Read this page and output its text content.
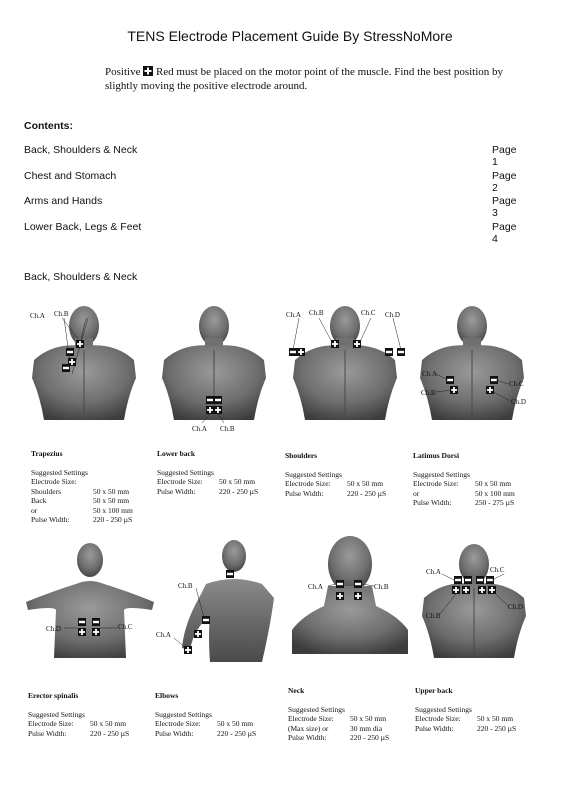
TENS Electrode Placement Guide By StressNoMore
Positive Red must be placed on the motor point of the muscle. Find the best position by slightly moving the positive electrode around.
Contents:
Back, Shoulders & Neck	Page 1
Chest and Stomach	Page 2
Arms and Hands	Page 3
Lower Back, Legs & Feet	Page 4
Back, Shoulders & Neck
Ch.A Ch.B
Ch.A Ch.B
Ch.A Ch.B	Ch.C Ch.D
Ch.A
Ch.B
Ch.C
Ch.D
Trapezius
Suggested Settings
Electrode Size:
Shoulders	50 x 50 mm
Back	50 x 50 mm
or	50 x 100 mm
Pulse Width:	220 - 250 µS
Lower back
Suggested Settings
Electrode Size: 50 x 50 mm
Pulse Width:	220 - 250 µS
Shoulders
Suggested Settings
Electrode Size: 50 x 50 mm
Pulse Width:	220 - 250 µS
Latimus Dorsi
Suggested Settings
Electrode Size: 50 x 50 mm
or	50 x 100 mm
Pulse Width:	250 - 275 µS
Ch.D	Ch.C
Ch.B
Ch.A
Ch.A	Ch.B
Ch.A	Ch.C
Ch.B
Ch.D
Erector spinalis
Suggested Settings
Electrode Size: 50 x 50 mm
Pulse Width:	220 - 250 µS
Elbows
Suggested Settings
Electrode Size: 50 x 50 mm
Pulse Width:	220 - 250 µS
Neck
Suggested Settings
Electrode Size: 50 x 50 mm
(Max size) or	30 mm dia
Pulse Width:	220 - 250 µS
Upper back
Suggested Settings
Electrode Size: 50 x 50 mm
Pulse Width:	220 - 250 µS
